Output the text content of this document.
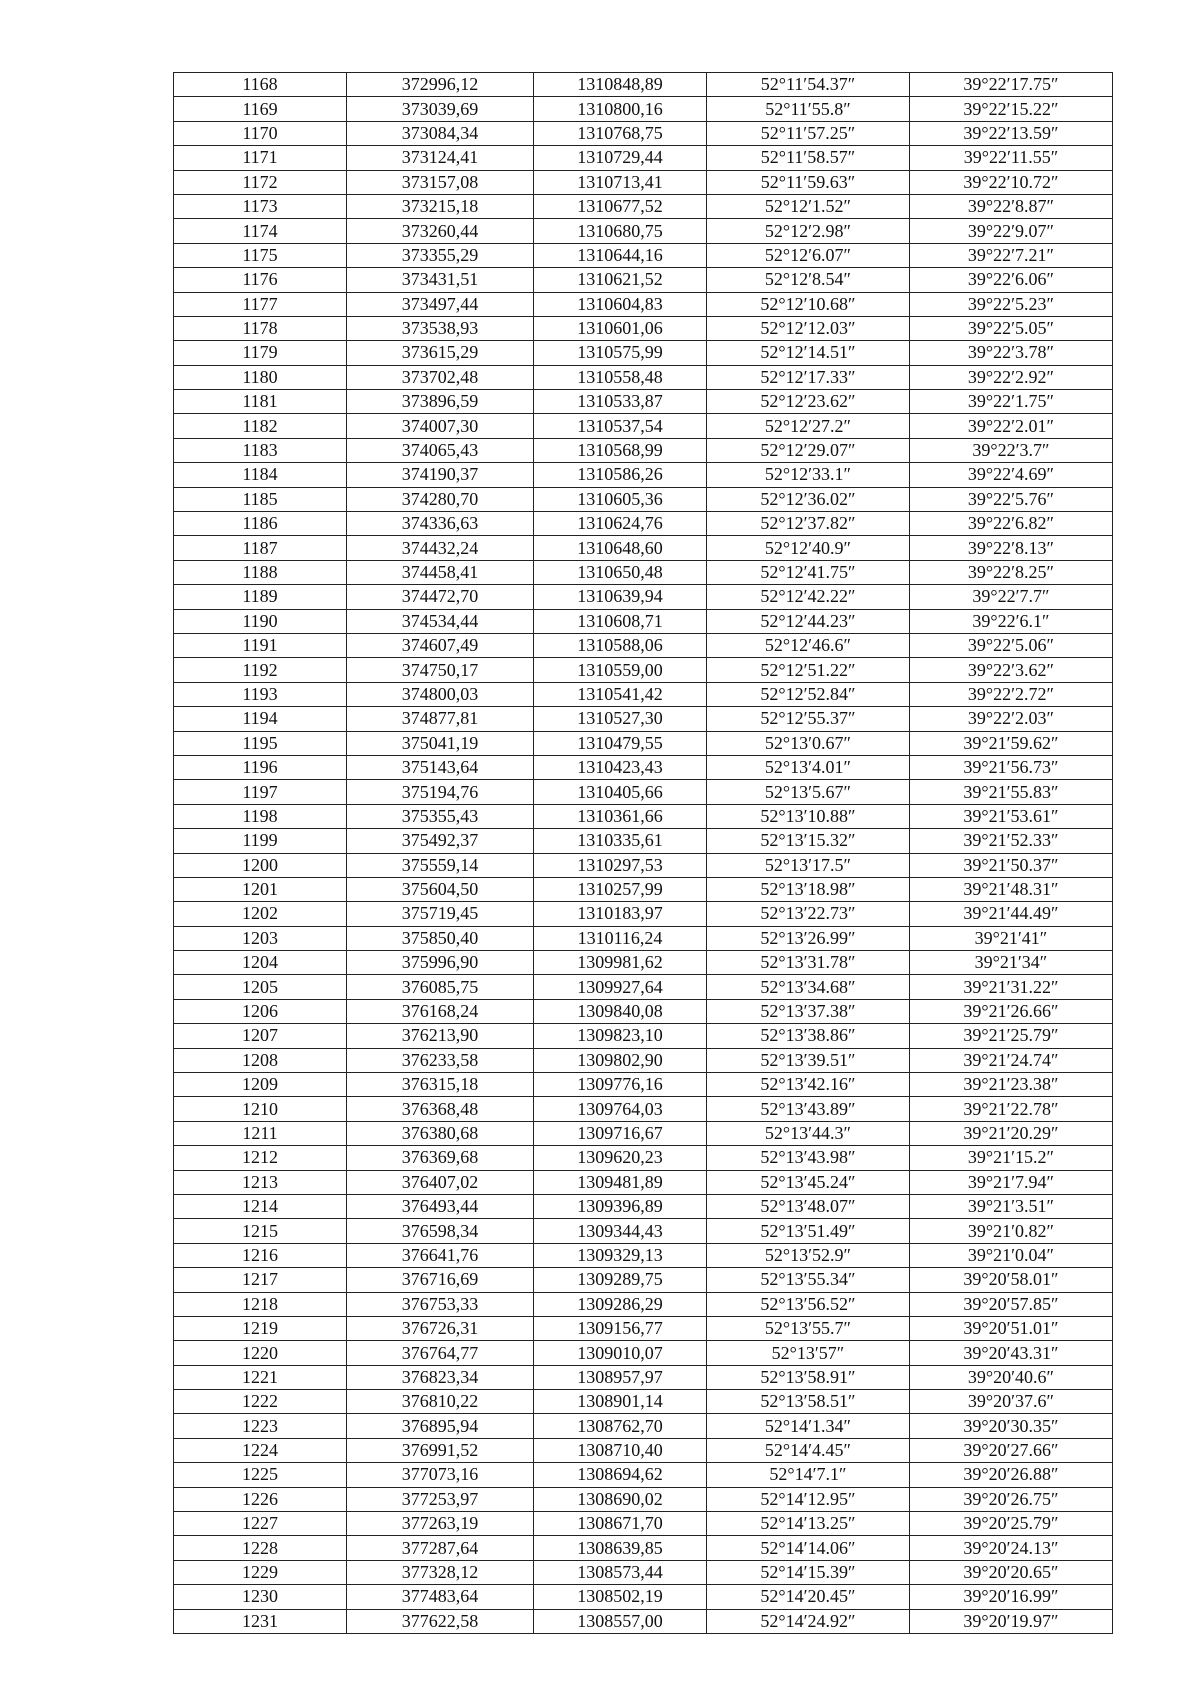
1168	372996,12	1310848,89	52°11′54.37″	39°22′17.75″
1169	373039,69	1310800,16	52°11′55.8″	39°22′15.22″
1170	373084,34	1310768,75	52°11′57.25″	39°22′13.59″
1171	373124,41	1310729,44	52°11′58.57″	39°22′11.55″
1172	373157,08	1310713,41	52°11′59.63″	39°22′10.72″
1173	373215,18	1310677,52	52°12′1.52″	39°22′8.87″
1174	373260,44	1310680,75	52°12′2.98″	39°22′9.07″
1175	373355,29	1310644,16	52°12′6.07″	39°22′7.21″
1176	373431,51	1310621,52	52°12′8.54″	39°22′6.06″
1177	373497,44	1310604,83	52°12′10.68″	39°22′5.23″
1178	373538,93	1310601,06	52°12′12.03″	39°22′5.05″
1179	373615,29	1310575,99	52°12′14.51″	39°22′3.78″
1180	373702,48	1310558,48	52°12′17.33″	39°22′2.92″
1181	373896,59	1310533,87	52°12′23.62″	39°22′1.75″
1182	374007,30	1310537,54	52°12′27.2″	39°22′2.01″
1183	374065,43	1310568,99	52°12′29.07″	39°22′3.7″
1184	374190,37	1310586,26	52°12′33.1″	39°22′4.69″
1185	374280,70	1310605,36	52°12′36.02″	39°22′5.76″
1186	374336,63	1310624,76	52°12′37.82″	39°22′6.82″
1187	374432,24	1310648,60	52°12′40.9″	39°22′8.13″
1188	374458,41	1310650,48	52°12′41.75″	39°22′8.25″
1189	374472,70	1310639,94	52°12′42.22″	39°22′7.7″
1190	374534,44	1310608,71	52°12′44.23″	39°22′6.1″
1191	374607,49	1310588,06	52°12′46.6″	39°22′5.06″
1192	374750,17	1310559,00	52°12′51.22″	39°22′3.62″
1193	374800,03	1310541,42	52°12′52.84″	39°22′2.72″
1194	374877,81	1310527,30	52°12′55.37″	39°22′2.03″
1195	375041,19	1310479,55	52°13′0.67″	39°21′59.62″
1196	375143,64	1310423,43	52°13′4.01″	39°21′56.73″
1197	375194,76	1310405,66	52°13′5.67″	39°21′55.83″
1198	375355,43	1310361,66	52°13′10.88″	39°21′53.61″
1199	375492,37	1310335,61	52°13′15.32″	39°21′52.33″
1200	375559,14	1310297,53	52°13′17.5″	39°21′50.37″
1201	375604,50	1310257,99	52°13′18.98″	39°21′48.31″
1202	375719,45	1310183,97	52°13′22.73″	39°21′44.49″
1203	375850,40	1310116,24	52°13′26.99″	39°21′41″
1204	375996,90	1309981,62	52°13′31.78″	39°21′34″
1205	376085,75	1309927,64	52°13′34.68″	39°21′31.22″
1206	376168,24	1309840,08	52°13′37.38″	39°21′26.66″
1207	376213,90	1309823,10	52°13′38.86″	39°21′25.79″
1208	376233,58	1309802,90	52°13′39.51″	39°21′24.74″
1209	376315,18	1309776,16	52°13′42.16″	39°21′23.38″
1210	376368,48	1309764,03	52°13′43.89″	39°21′22.78″
1211	376380,68	1309716,67	52°13′44.3″	39°21′20.29″
1212	376369,68	1309620,23	52°13′43.98″	39°21′15.2″
1213	376407,02	1309481,89	52°13′45.24″	39°21′7.94″
1214	376493,44	1309396,89	52°13′48.07″	39°21′3.51″
1215	376598,34	1309344,43	52°13′51.49″	39°21′0.82″
1216	376641,76	1309329,13	52°13′52.9″	39°21′0.04″
1217	376716,69	1309289,75	52°13′55.34″	39°20′58.01″
1218	376753,33	1309286,29	52°13′56.52″	39°20′57.85″
1219	376726,31	1309156,77	52°13′55.7″	39°20′51.01″
1220	376764,77	1309010,07	52°13′57″	39°20′43.31″
1221	376823,34	1308957,97	52°13′58.91″	39°20′40.6″
1222	376810,22	1308901,14	52°13′58.51″	39°20′37.6″
1223	376895,94	1308762,70	52°14′1.34″	39°20′30.35″
1224	376991,52	1308710,40	52°14′4.45″	39°20′27.66″
1225	377073,16	1308694,62	52°14′7.1″	39°20′26.88″
1226	377253,97	1308690,02	52°14′12.95″	39°20′26.75″
1227	377263,19	1308671,70	52°14′13.25″	39°20′25.79″
1228	377287,64	1308639,85	52°14′14.06″	39°20′24.13″
1229	377328,12	1308573,44	52°14′15.39″	39°20′20.65″
1230	377483,64	1308502,19	52°14′20.45″	39°20′16.99″
1231	377622,58	1308557,00	52°14′24.92″	39°20′19.97″
